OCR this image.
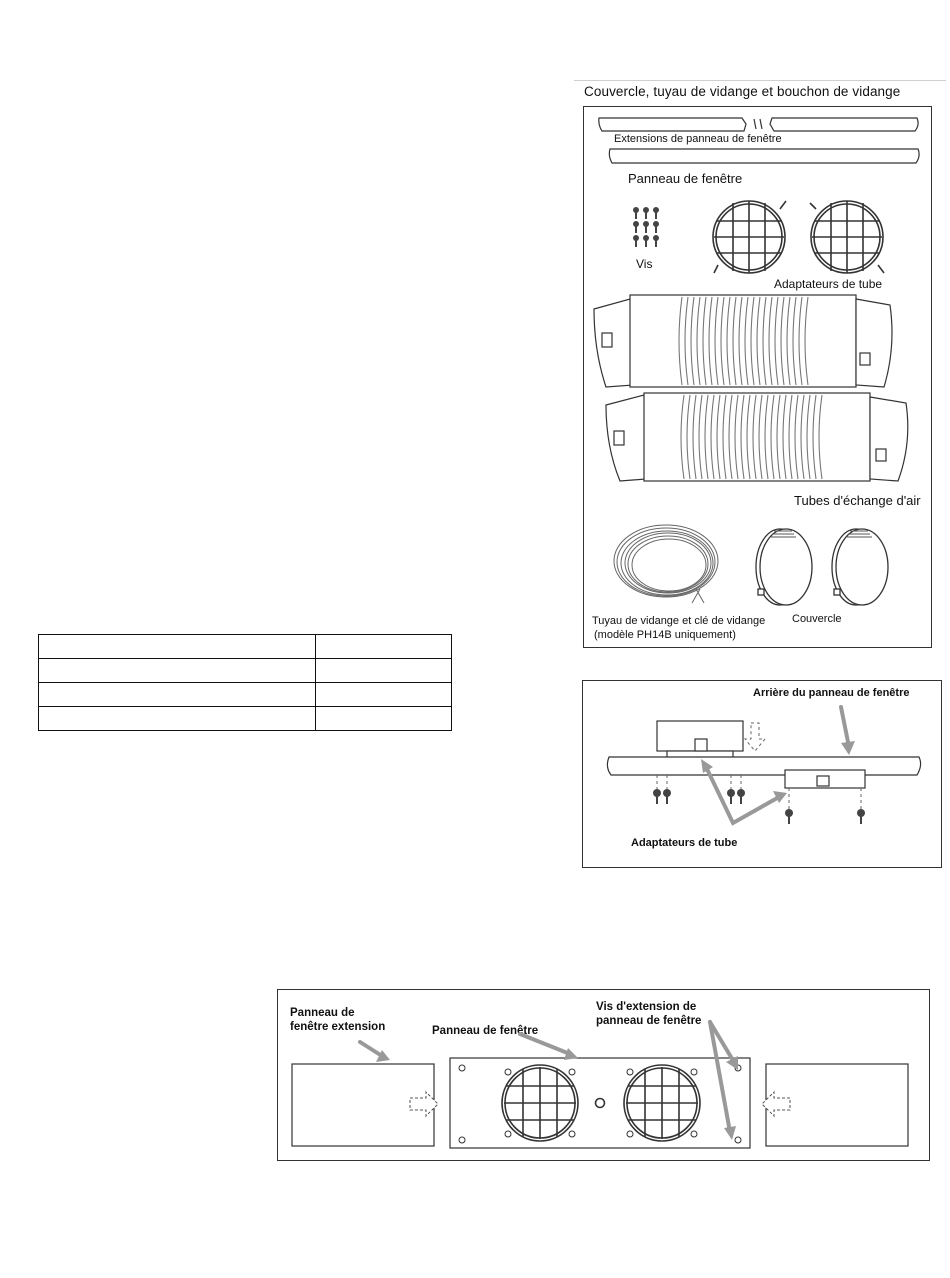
Couvercle, tuyau de vidange et bouchon de vidange
Extensions de panneau de fenêtre
Panneau de fenêtre
Vis
Adaptateurs de tube
Tubes d'échange d'air
Tuyau de vidange et clé de vidange
(modèle PH14B uniquement)
Couvercle

Arrière du panneau de fenêtre
Adaptateurs de tube
Panneau de
fenêtre extension	Panneau de fenêtre
Vis d'extension de
panneau de fenêtre
